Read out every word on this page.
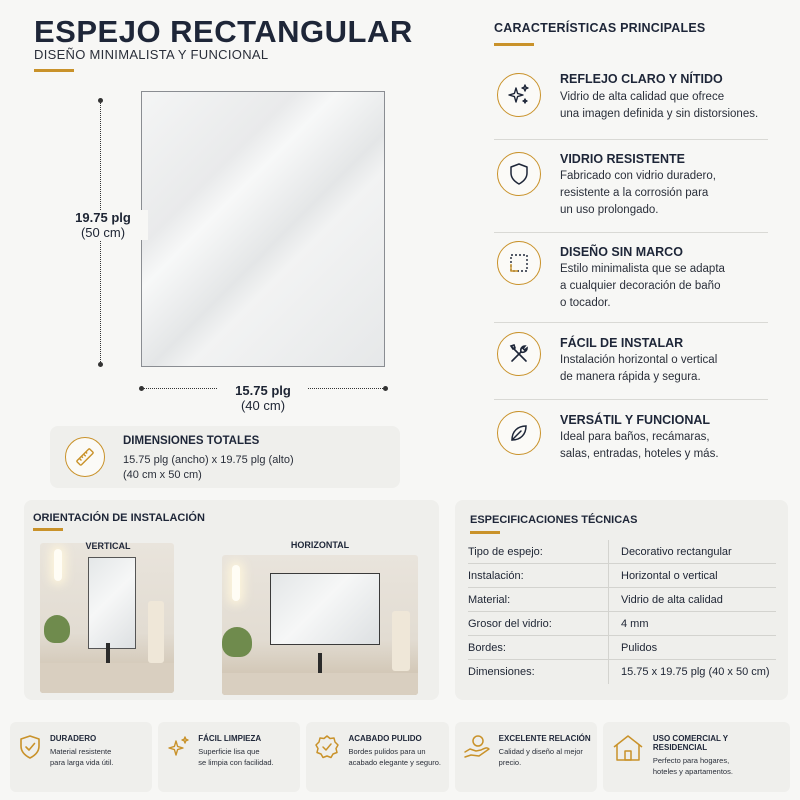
ESPEJO RECTANGULAR
DISEÑO MINIMALISTA Y FUNCIONAL
19.75 plg
(50 cm)
15.75 plg
(40 cm)
DIMENSIONES TOTALES
15.75 plg (ancho) x 19.75 plg (alto)
(40 cm x 50 cm)
CARACTERÍSTICAS PRINCIPALES
REFLEJO CLARO Y NÍTIDO
Vidrio de alta calidad que ofrece
una imagen definida y sin distorsiones.
VIDRIO RESISTENTE
Fabricado con vidrio duradero,
resistente a la corrosión para
un uso prolongado.
DISEÑO SIN MARCO
Estilo minimalista que se adapta
a cualquier decoración de baño
o tocador.
FÁCIL DE INSTALAR
Instalación horizontal o vertical
de manera rápida y segura.
VERSÁTIL Y FUNCIONAL
Ideal para baños, recámaras,
salas, entradas, hoteles y más.
ORIENTACIÓN DE INSTALACIÓN
VERTICAL	HORIZONTAL
ESPECIFICACIONES TÉCNICAS
Tipo de espejo:	Decorativo rectangular
Instalación:	Horizontal o vertical
Material:	Vidrio de alta calidad
Grosor del vidrio:	4 mm
Bordes:	Pulidos
Dimensiones:	15.75 x 19.75 plg (40 x 50 cm)
DURADERO
Material resistente
para larga vida útil.
FÁCIL LIMPIEZA
Superficie lisa que
se limpia con facilidad.
ACABADO PULIDO
Bordes pulidos para un
acabado elegante y seguro.
EXCELENTE RELACIÓN
Calidad y diseño al mejor
precio.
USO COMERCIAL Y RESIDENCIAL
Perfecto para hogares,
hoteles y apartamentos.
